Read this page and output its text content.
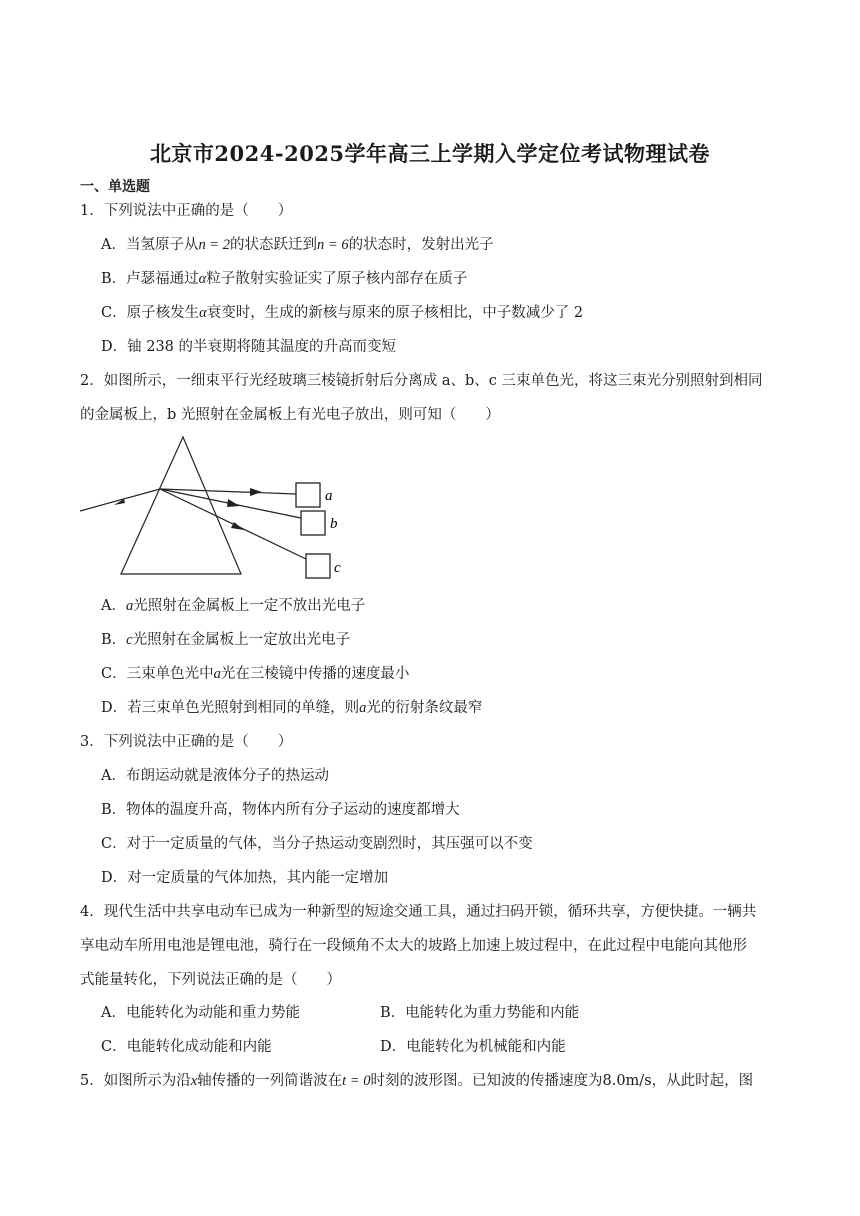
北京市2024-2025学年高三上学期入学定位考试物理试卷
一、单选题
1．下列说法中正确的是（　　）
A．当氢原子从n = 2的状态跃迁到n = 6的状态时，发射出光子
B．卢瑟福通过α粒子散射实验证实了原子核内部存在质子
C．原子核发生α衰变时，生成的新核与原来的原子核相比，中子数减少了 2
D．铀 238 的半衰期将随其温度的升高而变短
2．如图所示，一细束平行光经玻璃三棱镜折射后分离成 a、b、c 三束单色光，将这三束光分别照射到相同
的金属板上，b 光照射在金属板上有光电子放出，则可知（　　）
a
b
c
A．a光照射在金属板上一定不放出光电子
B．c光照射在金属板上一定放出光电子
C．三束单色光中a光在三棱镜中传播的速度最小
D．若三束单色光照射到相同的单缝，则a光的衍射条纹最窄
3．下列说法中正确的是（　　）
A．布朗运动就是液体分子的热运动
B．物体的温度升高，物体内所有分子运动的速度都增大
C．对于一定质量的气体，当分子热运动变剧烈时，其压强可以不变
D．对一定质量的气体加热，其内能一定增加
4．现代生活中共享电动车已成为一种新型的短途交通工具，通过扫码开锁，循环共享，方便快捷。一辆共
享电动车所用电池是锂电池，骑行在一段倾角不太大的坡路上加速上坡过程中，在此过程中电能向其他形
式能量转化，下列说法正确的是（　　）
A．电能转化为动能和重力势能	B．电能转化为重力势能和内能
C．电能转化成动能和内能	D．电能转化为机械能和内能
5．如图所示为沿x轴传播的一列简谐波在t = 0时刻的波形图。已知波的传播速度为8.0m/s，从此时起，图
